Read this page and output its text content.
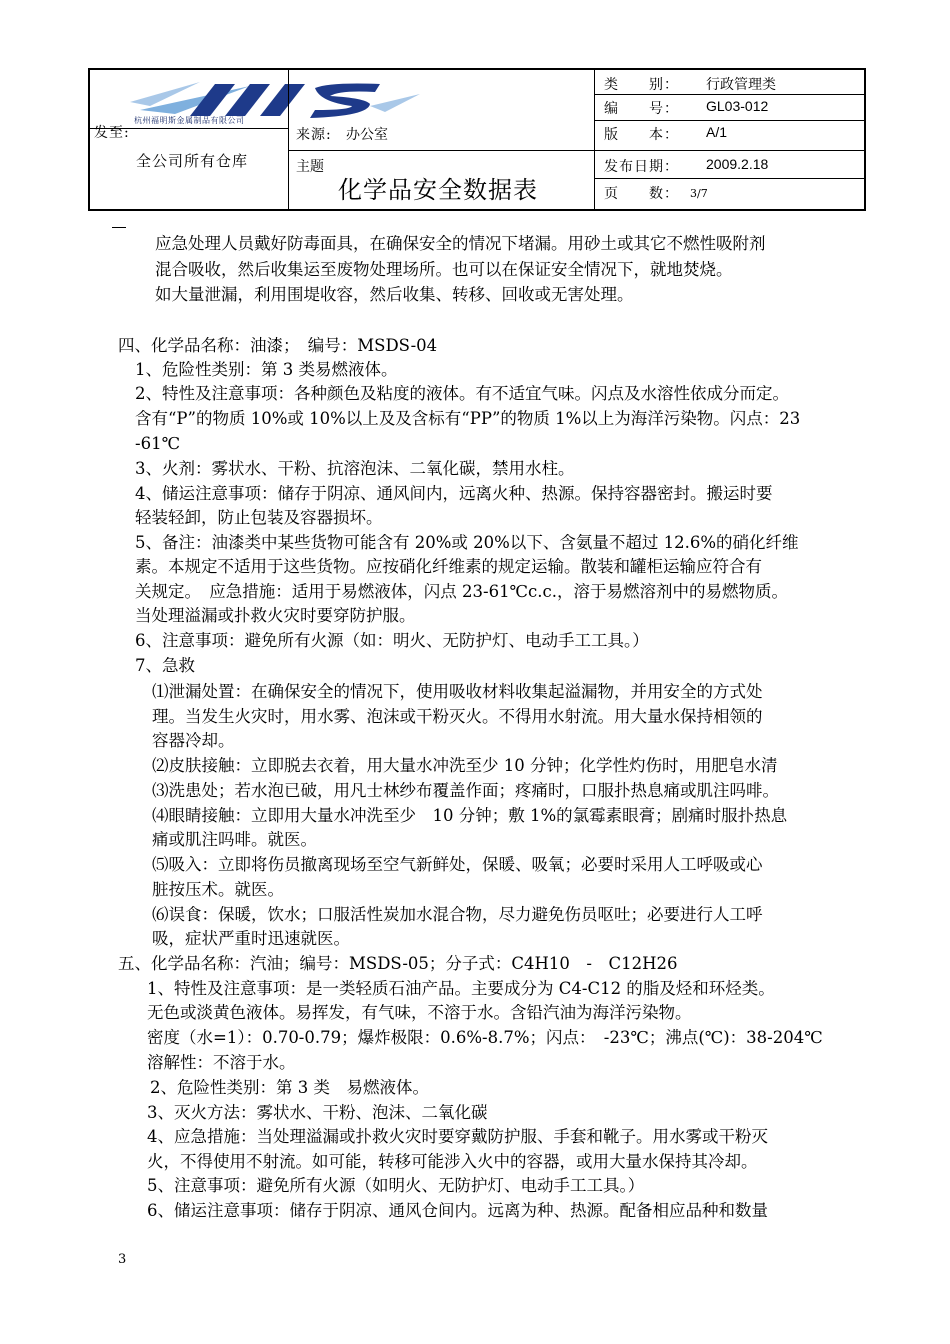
杭州福明斯金属制品有限公司
发至:
全公司所有仓库
来源: 办公室
主题
化学品安全数据表
类　　别： 行政管理类
编　　号： GL03-012
版　　本： A/1
发布日期： 2009.2.18
页　　数： 3/7
应急处理人员戴好防毒面具，在确保安全的情况下堵漏。用砂土或其它不燃性吸附剂
混合吸收，然后收集运至废物处理场所。也可以在保证安全情况下，就地焚烧。
如大量泄漏，利用围堤收容，然后收集、转移、回收或无害处理。
四、化学品名称：油漆；　编号：MSDS-04
1、危险性类别：第 3 类易燃液体。
2、特性及注意事项：各种颜色及粘度的液体。有不适宜气味。闪点及水溶性依成分而定。
含有“P”的物质 10%或 10%以上及及含标有“PP”的物质 1%以上为海洋污染物。闪点：23
-61℃
3、火剂：雾状水、干粉、抗溶泡沫、二氧化碳，禁用水柱。
4、储运注意事项：储存于阴凉、通风间内，远离火种、热源。保持容器密封。搬运时要
轻装轻卸，防止包装及容器损坏。
5、备注：油漆类中某些货物可能含有 20%或 20%以下、含氨量不超过 12.6%的硝化纤维
素。本规定不适用于这些货物。应按硝化纤维素的规定运输。散装和罐柜运输应符合有
关规定。　应急措施：适用于易燃液体，闪点 23-61℃c.c.，溶于易燃溶剂中的易燃物质。
当处理溢漏或扑救火灾时要穿防护服。
6、注意事项：避免所有火源（如：明火、无防护灯、电动手工工具。）
7、急救
⑴泄漏处置：在确保安全的情况下，使用吸收材料收集起溢漏物，并用安全的方式处
理。当发生火灾时，用水雾、泡沫或干粉灭火。不得用水射流。用大量水保持相领的
容器冷却。
⑵皮肤接触：立即脱去衣着，用大量水冲洗至少 10 分钟；化学性灼伤时，用肥皂水清
⑶洗患处；若水泡已破，用凡士林纱布覆盖作面；疼痛时，口服扑热息痛或肌注吗啡。
⑷眼睛接触：立即用大量水冲洗至少　10 分钟；敷 1%的氯霉素眼膏；剧痛时服扑热息
痛或肌注吗啡。就医。
⑸吸入：立即将伤员撤离现场至空气新鲜处，保暖、吸氧；必要时采用人工呼吸或心
脏按压术。就医。
⑹误食：保暖，饮水；口服活性炭加水混合物，尽力避免伤员呕吐；必要进行人工呼
吸，症状严重时迅速就医。
五、化学品名称：汽油；编号：MSDS-05；分子式：C4H10　-　C12H26
1、特性及注意事项：是一类轻质石油产品。主要成分为 C4-C12 的脂及烃和环烃类。
无色或淡黄色液体。易挥发，有气味，不溶于水。含铅汽油为海洋污染物。
密度（水=1）：0.70-0.79；爆炸极限：0.6%-8.7%；闪点：　-23℃；沸点(℃)：38-204℃
溶解性：不溶于水。
2、危险性类别：第 3 类　易燃液体。
3、灭火方法：雾状水、干粉、泡沫、二氧化碳
4、应急措施：当处理溢漏或扑救火灾时要穿戴防护服、手套和靴子。用水雾或干粉灭
火，不得使用不射流。如可能，转移可能涉入火中的容器，或用大量水保持其冷却。
5、注意事项：避免所有火源（如明火、无防护灯、电动手工工具。）
6、储运注意事项：储存于阴凉、通风仓间内。远离为种、热源。配备相应品种和数量
3
